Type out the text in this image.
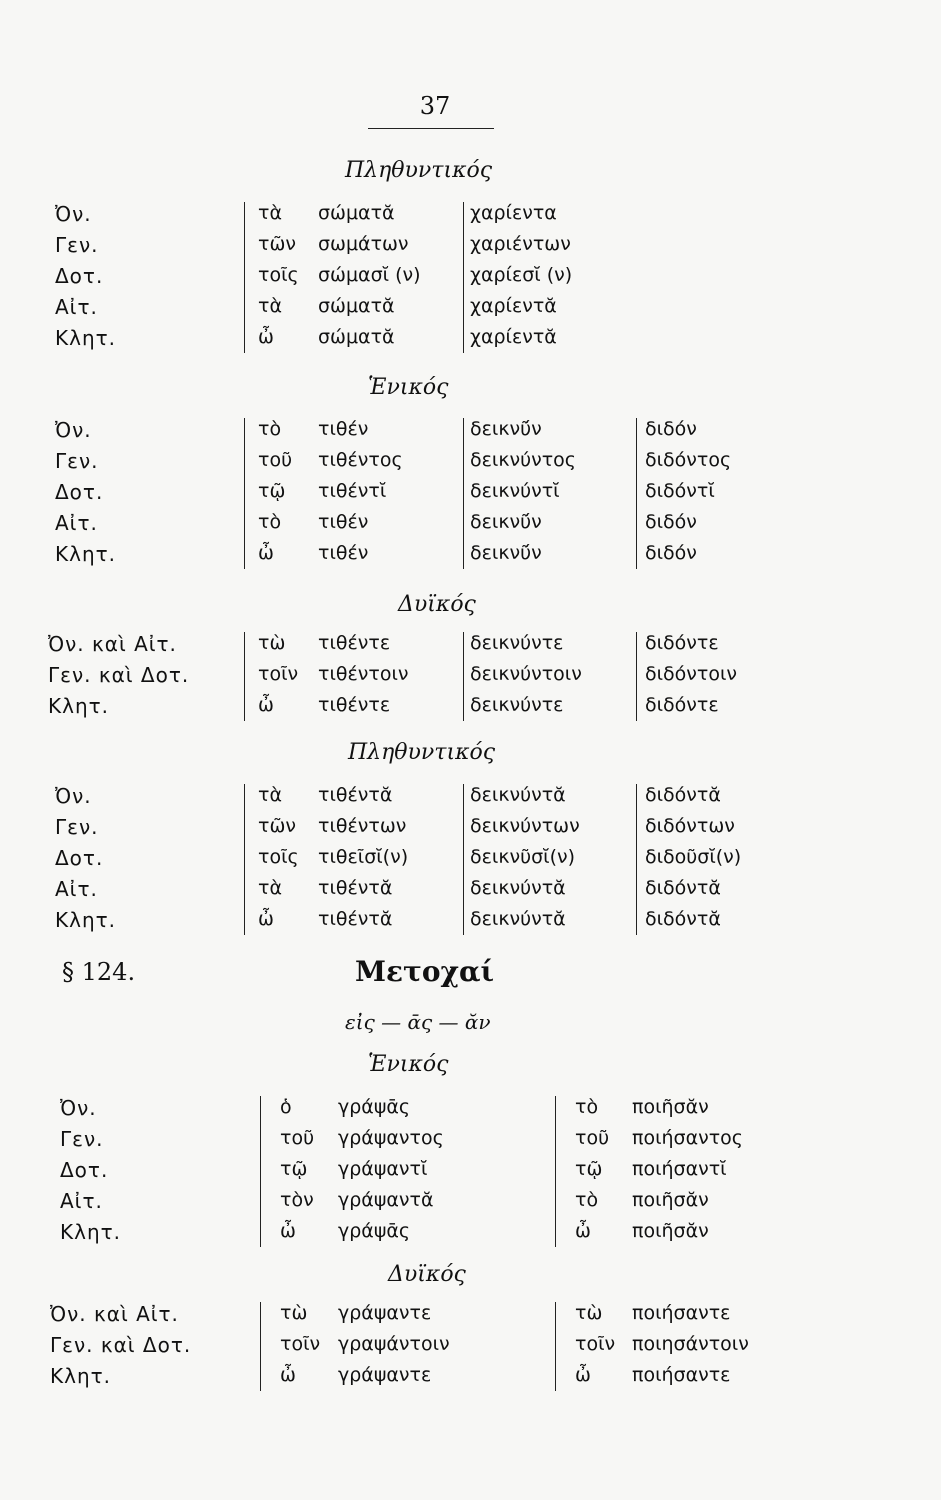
37
Πληθυντικός
Ὀν.	τὰ σώματᾰ	χαρίεντα
Γεν.	τῶν σωμάτων	χαριέντων
Δοτ.	τοῖς σώμασῐ (ν)	χαρίεσῐ (ν)
Αἰτ.	τὰ σώματᾰ	χαρίεντᾰ
Κλητ.	ὦ σώματᾰ	χαρίεντᾰ
Ἑνικός
Ὀν.	τὸ τιθέν	δεικνῦ́ν	διδόν
Γεν.	τοῦ τιθέντος	δεικνύντος	διδόντος
Δοτ.	τῷ τιθέντῐ	δεικνύντῐ	διδόντῐ
Αἰτ.	τὸ τιθέν	δεικνῦ́ν	διδόν
Κλητ.	ὦ τιθέν	δεικνῦ́ν	διδόν
Δυϊκός
Ὀν. καὶ Αἰτ.	τὼ τιθέντε	δεικνύντε	διδόντε
Γεν. καὶ Δοτ.	τοῖν τιθέντοιν	δεικνύντοιν	διδόντοιν
Κλητ.	ὦ τιθέντε	δεικνύντε	διδόντε
Πληθυντικός
Ὀν.	τὰ τιθέντᾰ	δεικνύντᾰ	διδόντᾰ
Γεν.	τῶν τιθέντων	δεικνύντων	διδόντων
Δοτ.	τοῖς τιθεῖσῐ(ν)	δεικνῦσῐ(ν)	διδοῦσῐ(ν)
Αἰτ.	τὰ τιθέντᾰ	δεικνύντᾰ	διδόντᾰ
Κλητ.	ὦ τιθέντᾰ	δεικνύντᾰ	διδόντᾰ
§ 124.	Μετοχαί
εἰς — ᾱς — ᾰν
Ἑνικός
Ὀν.	ὁ γράψᾱς	τὸ ποιῆσᾰν
Γεν.	τοῦ γράψαντος	τοῦ ποιήσαντος
Δοτ.	τῷ γράψαντῐ	τῷ ποιήσαντῐ
Αἰτ.	τὸν γράψαντᾰ	τὸ ποιῆσᾰν
Κλητ.	ὦ γράψᾱς	ὦ ποιῆσᾰν
Δυϊκός
Ὀν. καὶ Αἰτ.	τὼ γράψαντε	τὼ ποιήσαντε
Γεν. καὶ Δοτ.	τοῖν γραψάντοιν	τοῖν ποιησάντοιν
Κλητ.	ὦ γράψαντε	ὦ ποιήσαντε
